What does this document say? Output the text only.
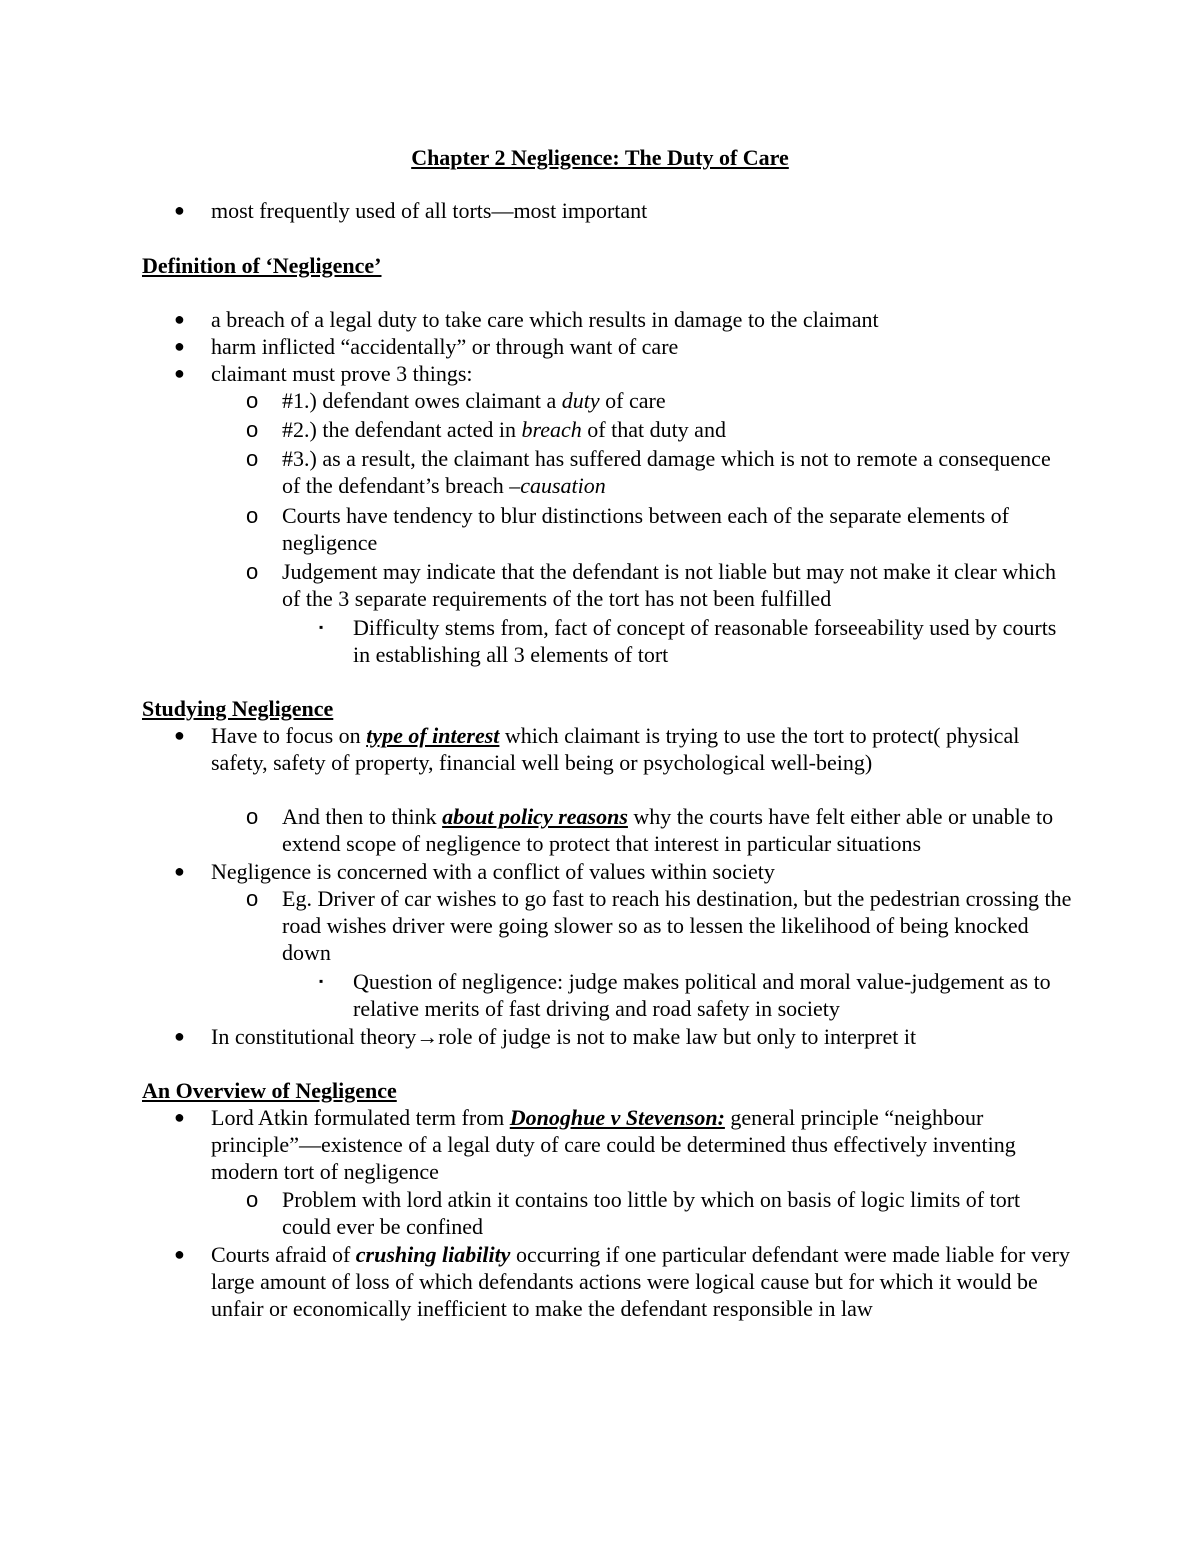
Chapter 2 Negligence: The Duty of Care
● most frequently used of all torts—most important
Definition of ‘Negligence’
● a breach of a legal duty to take care which results in damage to the claimant
● harm inflicted “accidentally” or through want of care
● claimant must prove 3 things:
o #1.) defendant owes claimant a duty of care
o #2.) the defendant acted in breach of that duty and
o #3.) as a result, the claimant has suffered damage which is not to remote a consequence of the defendant’s breach –causation
o Courts have tendency to blur distinctions between each of the separate elements of negligence
o Judgement may indicate that the defendant is not liable but may not make it clear which of the 3 separate requirements of the tort has not been fulfilled
▪ Difficulty stems from, fact of concept of reasonable forseeability used by courts in establishing all 3 elements of tort
Studying Negligence
● Have to focus on type of interest which claimant is trying to use the tort to protect( physical safety, safety of property, financial well being or psychological well-being)
o And then to think about policy reasons why the courts have felt either able or unable to extend scope of negligence to protect that interest in particular situations
● Negligence is concerned with a conflict of values within society
o Eg. Driver of car wishes to go fast to reach his destination, but the pedestrian crossing the road wishes driver were going slower so as to lessen the likelihood of being knocked down
▪ Question of negligence: judge makes political and moral value-judgement as to relative merits of fast driving and road safety in society
● In constitutional theory→role of judge is not to make law but only to interpret it
An Overview of Negligence
● Lord Atkin formulated term from Donoghue v Stevenson: general principle “neighbour principle”—existence of a legal duty of care could be determined thus effectively inventing modern tort of negligence
o Problem with lord atkin it contains too little by which on basis of logic limits of tort could ever be confined
● Courts afraid of crushing liability occurring if one particular defendant were made liable for very large amount of loss of which defendants actions were logical cause but for which it would be unfair or economically inefficient to make the defendant responsible in law
